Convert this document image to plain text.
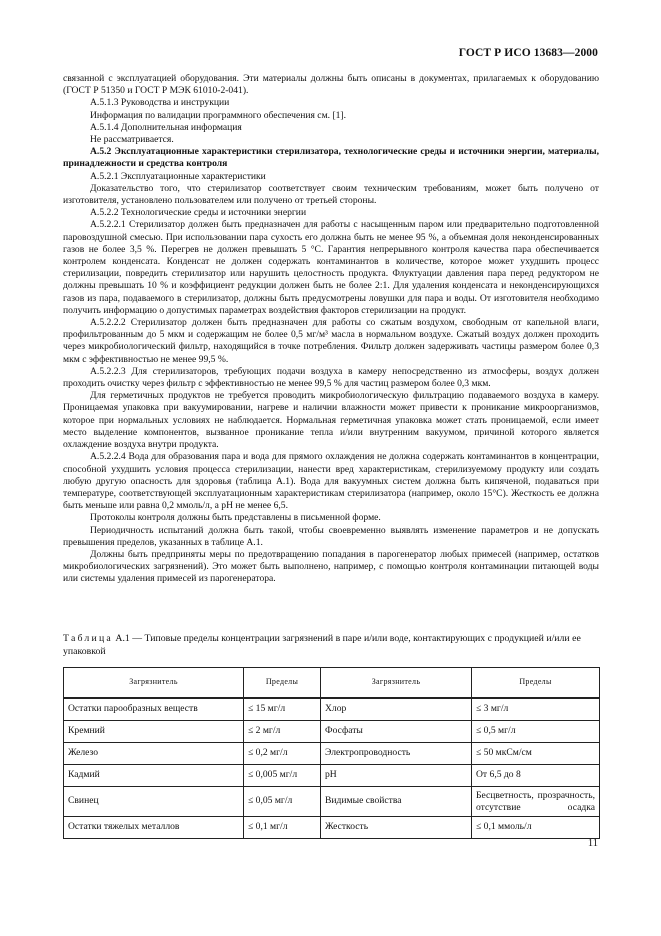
ГОСТ Р ИСО 13683—2000

связанной с эксплуатацией оборудования. Эти материалы должны быть описаны в документах, прилагаемых к оборудованию (ГОСТ Р 51350 и ГОСТ Р МЭК 61010-2-041).

А.5.1.3 Руководства и инструкции

Информация по валидации программного обеспечения см. [1].

А.5.1.4 Дополнительная информация

Не рассматривается.

А.5.2 Эксплуатационные характеристики стерилизатора, технологические среды и источники энергии, материалы, принадлежности и средства контроля

А.5.2.1 Эксплуатационные характеристики

Доказательство того, что стерилизатор соответствует своим техническим требованиям, может быть получено от изготовителя, установлено пользователем или получено от третьей стороны.

А.5.2.2 Технологические среды и источники энергии

А.5.2.2.1 Стерилизатор должен быть предназначен для работы с насыщенным паром или предварительно подготовленной паровоздушной смесью. При использовании пара сухость его должна быть не менее 95 %, а объемная доля неконденсированных газов не более 3,5 %. Перегрев не должен превышать 5 °С. Гарантия непрерывного контроля качества пара обеспечивается контролем конденсата. Конденсат не должен содержать контаминантов в количестве, которое может ухудшить процесс стерилизации, повредить стерилизатор или нарушить целостность продукта. Флуктуации давления пара перед редуктором не должны превышать 10 % и коэффициент редукции должен быть не более 2:1. Для удаления конденсата и неконденсирующихся газов из пара, подаваемого в стерилизатор, должны быть предусмотрены ловушки для пара и воды. От изготовителя необходимо получить информацию о допустимых параметрах воздействия факторов стерилизации на продукт.

А.5.2.2.2 Стерилизатор должен быть предназначен для работы со сжатым воздухом, свободным от капельной влаги, профильтрованным до 5 мкм и содержащим не более 0,5 мг/м³ масла в нормальном воздухе. Сжатый воздух должен проходить через микробиологический фильтр, находящийся в точке потребления. Фильтр должен задерживать частицы размером более 0,3 мкм с эффективностью не менее 99,5 %.

А.5.2.2.3 Для стерилизаторов, требующих подачи воздуха в камеру непосредственно из атмосферы, воздух должен проходить очистку через фильтр с эффективностью не менее 99,5 % для частиц размером более 0,3 мкм.

Для герметичных продуктов не требуется проводить микробиологическую фильтрацию подаваемого воздуха в камеру. Проницаемая упаковка при вакуумировании, нагреве и наличии влажности может привести к проникание микроорганизмов, которое при нормальных условиях не наблюдается. Нормальная герметичная упаковка может стать проницаемой, если имеет место выделение компонентов, вызванное проникание тепла и/или внутренним вакуумом, причиной которого является охлаждение воздуха внутри продукта.

А.5.2.2.4 Вода для образования пара и вода для прямого охлаждения не должна содержать контаминантов в концентрации, способной ухудшить условия процесса стерилизации, нанести вред характеристикам, стерилизуемому продукту или создать любую другую опасность для здоровья (таблица А.1). Вода для вакуумных систем должна быть кипяченой, подаваться при температуре, соответствующей эксплуатационным характеристикам стерилизатора (например, около 15°С). Жесткость ее должна быть меньше или равна 0,2 ммоль/л, а pH не менее 6,5.

Протоколы контроля должны быть представлены в письменной форме.

Периодичность испытаний должна быть такой, чтобы своевременно выявлять изменение параметров и не допускать превышения пределов, указанных в таблице А.1.

Должны быть предприняты меры по предотвращению попадания в парогенератор любых примесей (например, остатков микробиологических загрязнений). Это может быть выполнено, например, с помощью контроля контаминации питающей воды или системы удаления примесей из парогенератора.

Таблица А.1 — Типовые пределы концентрации загрязнений в паре и/или воде, контактирующих с продукцией и/или ее упаковкой
Загрязнитель	Пределы	Загрязнитель	Пределы
Остатки парообразных веществ	≤ 15 мг/л	Хлор	≤ 3 мг/л
Кремний	≤ 2 мг/л	Фосфаты	≤ 0,5 мг/л
Железо	≤ 0,2 мг/л	Электропроводность	≤ 50 мкСм/см
Кадмий	≤ 0,005 мг/л	pH	От 6,5 до 8
Свинец	≤ 0,05 мг/л	Видимые свойства	Бесцветность, прозрачность, отсутствие осадка
Остатки тяжелых металлов	≤ 0,1 мг/л	Жесткость	≤ 0,1 ммоль/л
11
